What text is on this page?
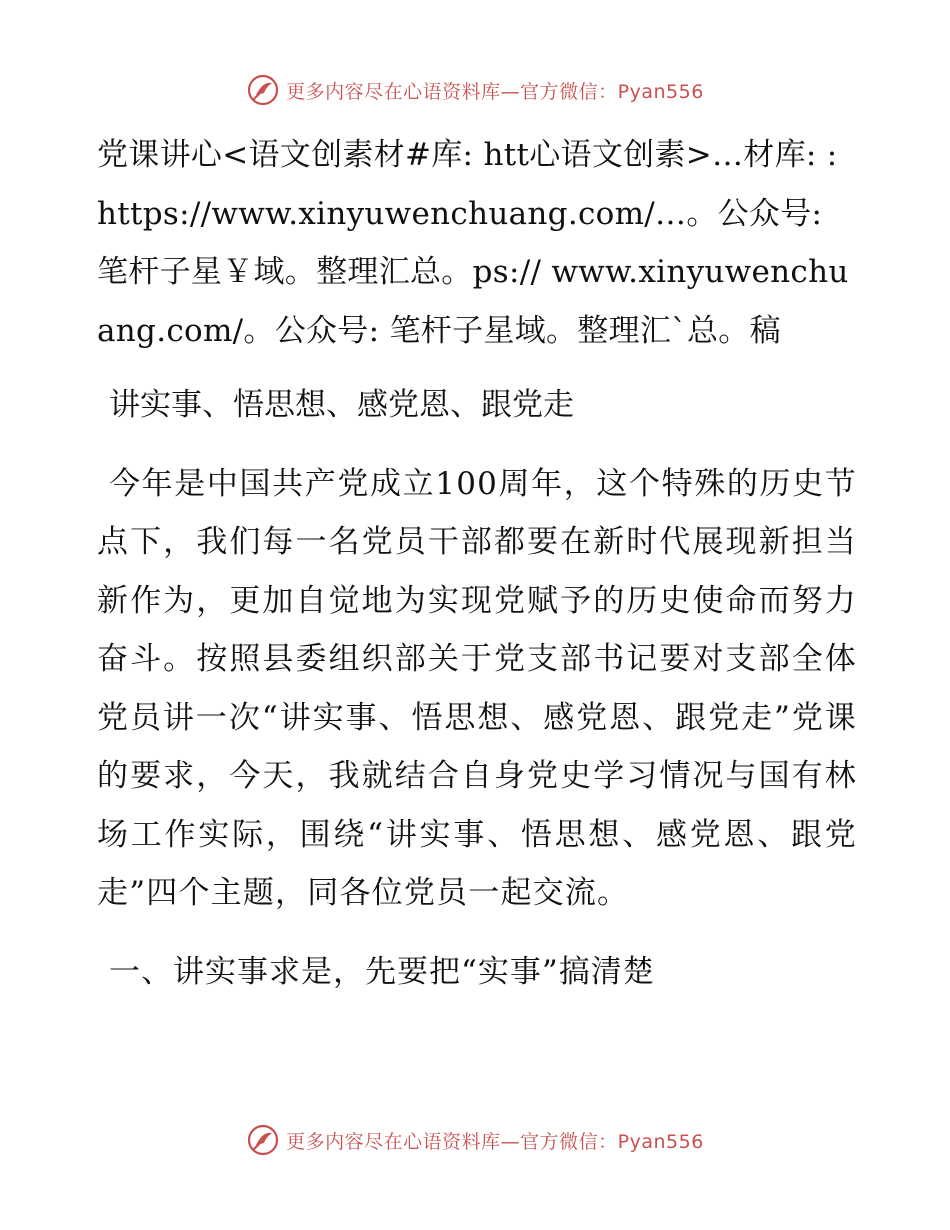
更多内容尽在心语资料库—官方微信：Pyan556

党课讲心<语文创素材#库: htt心语文创素>…材库: :https://www.xinyuwenchuang.com/…。公众号: 笔杆子星￥域。整理汇总。ps:// www.xinyuwenchuang.com/。公众号: 笔杆子星域。整理汇`总。稿

讲实事、悟思想、感党恩、跟党走

今年是中国共产党成立100周年，这个特殊的历史节点下，我们每一名党员干部都要在新时代展现新担当新作为，更加自觉地为实现党赋予的历史使命而努力奋斗。按照县委组织部关于党支部书记要对支部全体党员讲一次“讲实事、悟思想、感党恩、跟党走”党课的要求，今天，我就结合自身党史学习情况与国有林场工作实际，围绕“讲实事、悟思想、感党恩、跟党走”四个主题，同各位党员一起交流。

一、讲实事求是，先要把“实事”搞清楚

更多内容尽在心语资料库—官方微信：Pyan556
